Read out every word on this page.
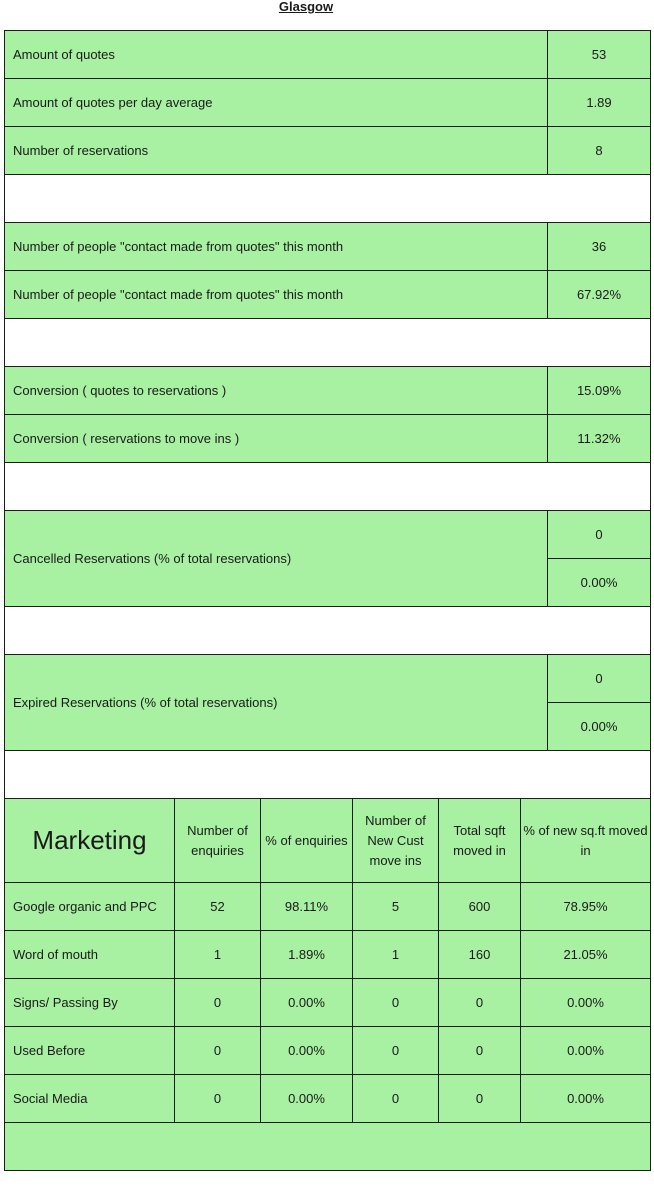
Glasgow
Amount of quotes						53
Amount of quotes per day average						1.89
Number of reservations						8

Number of people "contact made from quotes" this month						36
Number of people "contact made from quotes" this month						67.92%

Conversion ( quotes to reservations )						15.09%
Conversion ( reservations to move ins )						11.32%

Cancelled Reservations (% of total reservations)						0
						0.00%

Expired Reservations (% of total reservations)						0
						0.00%

Marketing	Number of enquiries	% of enquiries	Number of New Cust move ins	Total sqft moved in	% of new sq.ft moved in	
Google organic and PPC	52	98.11%	5	600	78.95%	
Word of mouth	1	1.89%	1	160	21.05%	
Signs/ Passing By	0	0.00%	0	0	0.00%	
Used Before	0	0.00%	0	0	0.00%	
Social Media	0	0.00%	0	0	0.00%	
